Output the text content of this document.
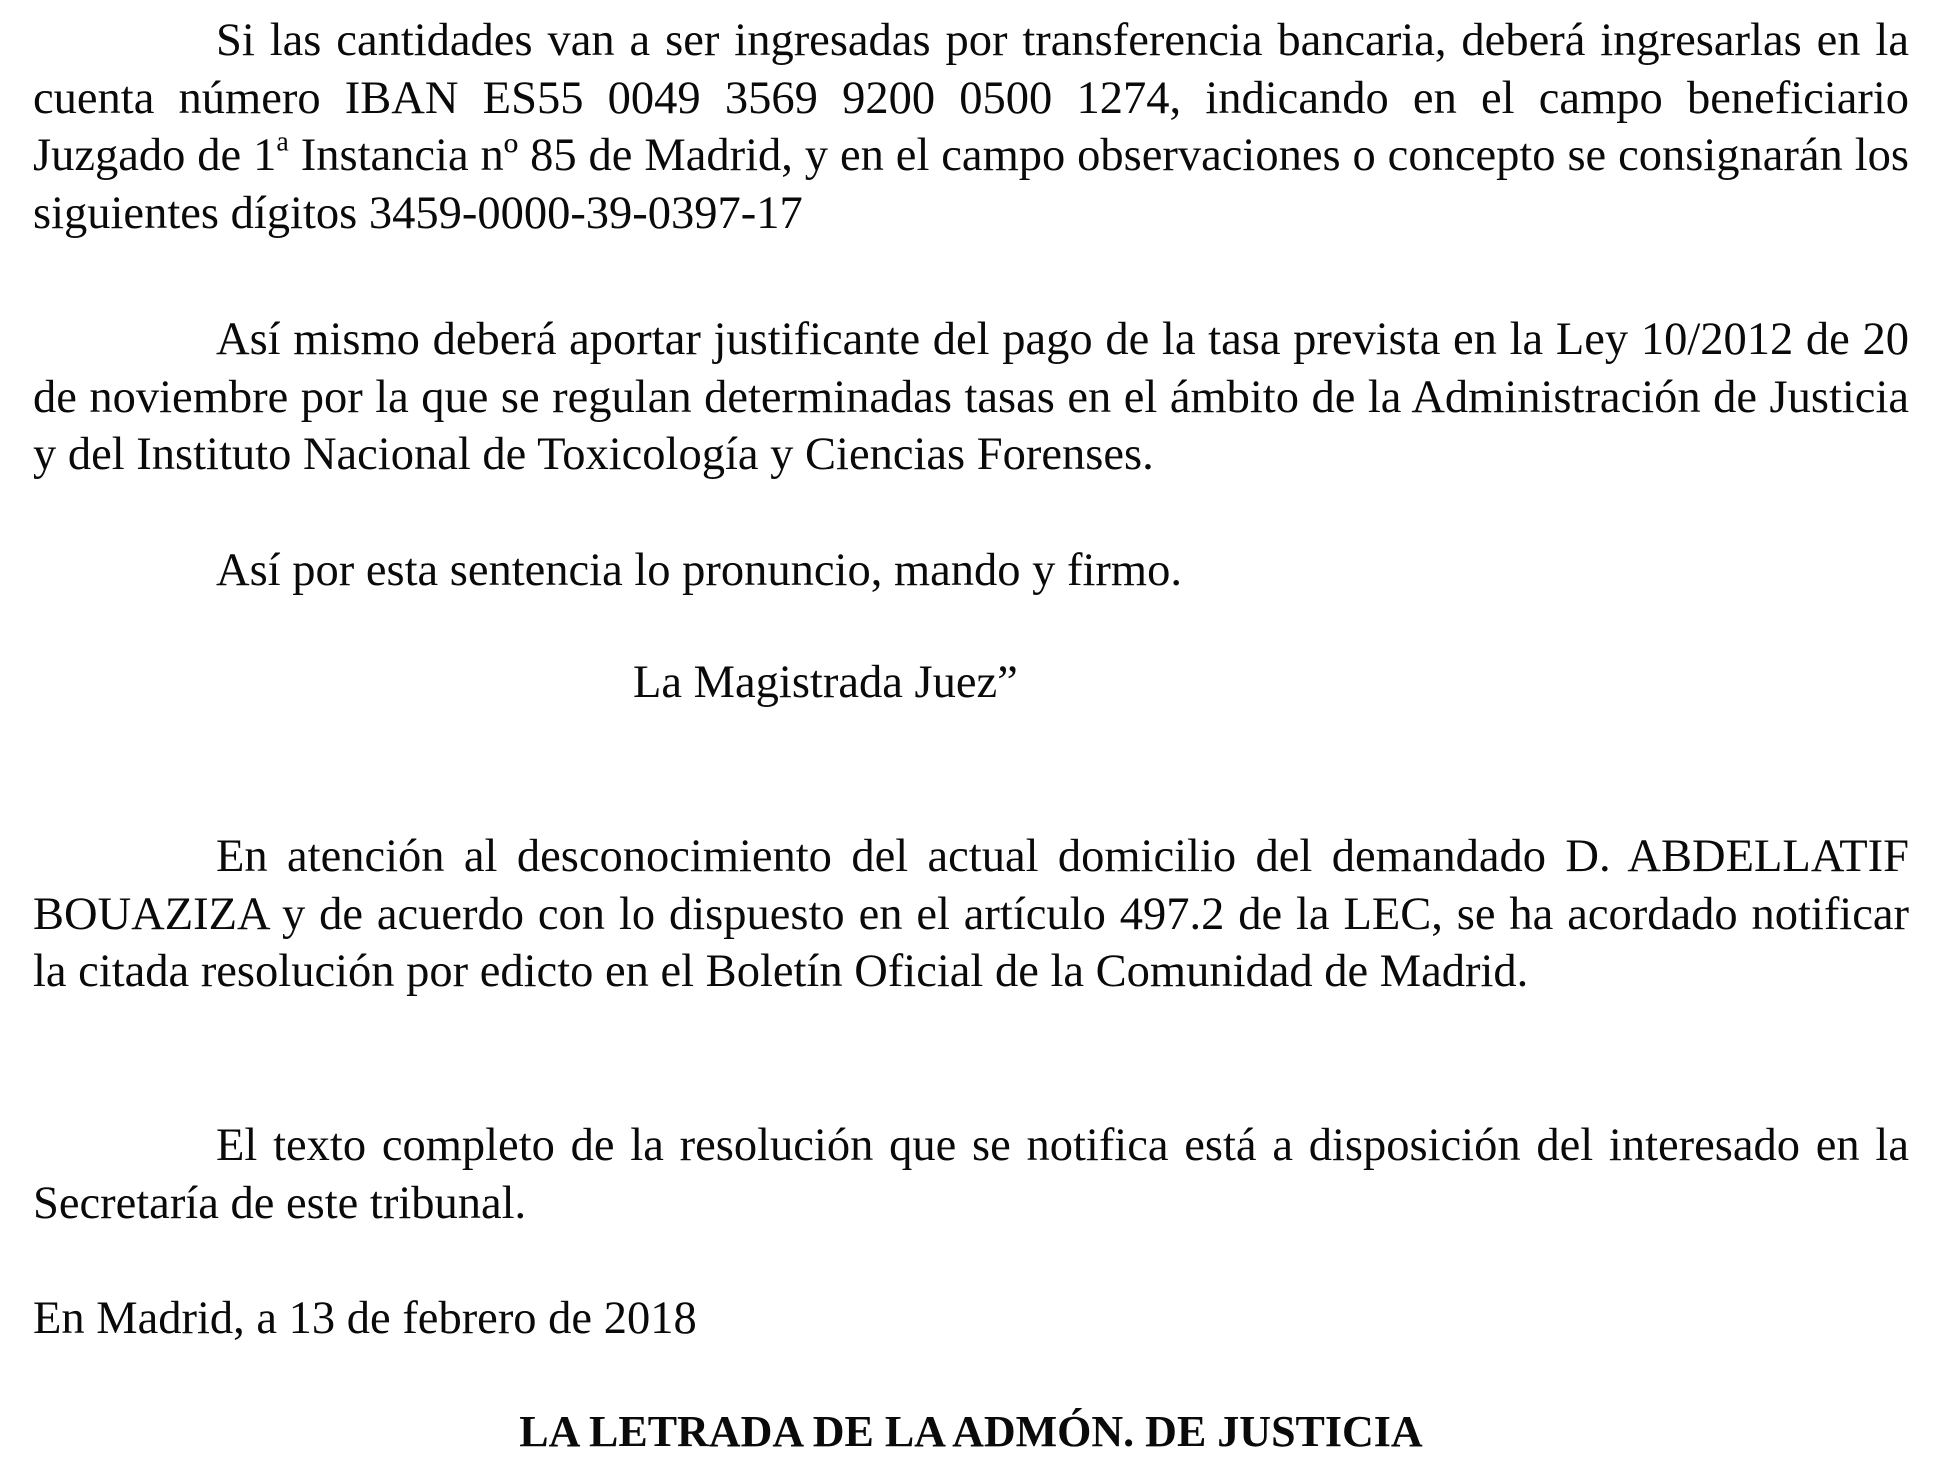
Si las cantidades van a ser ingresadas por transferencia bancaria, deberá ingresarlas en la cuenta número IBAN ES55 0049 3569 9200 0500 1274, indicando en el campo beneficiario Juzgado de 1$^a$ Instancia nº 85 de Madrid, y en el campo observaciones o concepto se consignarán los siguientes dígitos 3459-0000-39-0397-17

Así mismo deberá aportar justificante del pago de la tasa prevista en la Ley 10/2012 de 20 de noviembre por la que se regulan determinadas tasas en el ámbito de la Administración de Justicia y del Instituto Nacional de Toxicología y Ciencias Forenses.

Así por esta sentencia lo pronuncio, mando y firmo.

La Magistrada Juez”

En atención al desconocimiento del actual domicilio del demandado D. ABDELLATIF BOUAZIZA y de acuerdo con lo dispuesto en el artículo 497.2 de la LEC, se ha acordado notificar la citada resolución por edicto en el Boletín Oficial de la Comunidad de Madrid.

El texto completo de la resolución que se notifica está a disposición del interesado en la Secretaría de este tribunal.

En Madrid, a 13 de febrero de 2018

LA LETRADA DE LA ADMÓN. DE JUSTICIA
